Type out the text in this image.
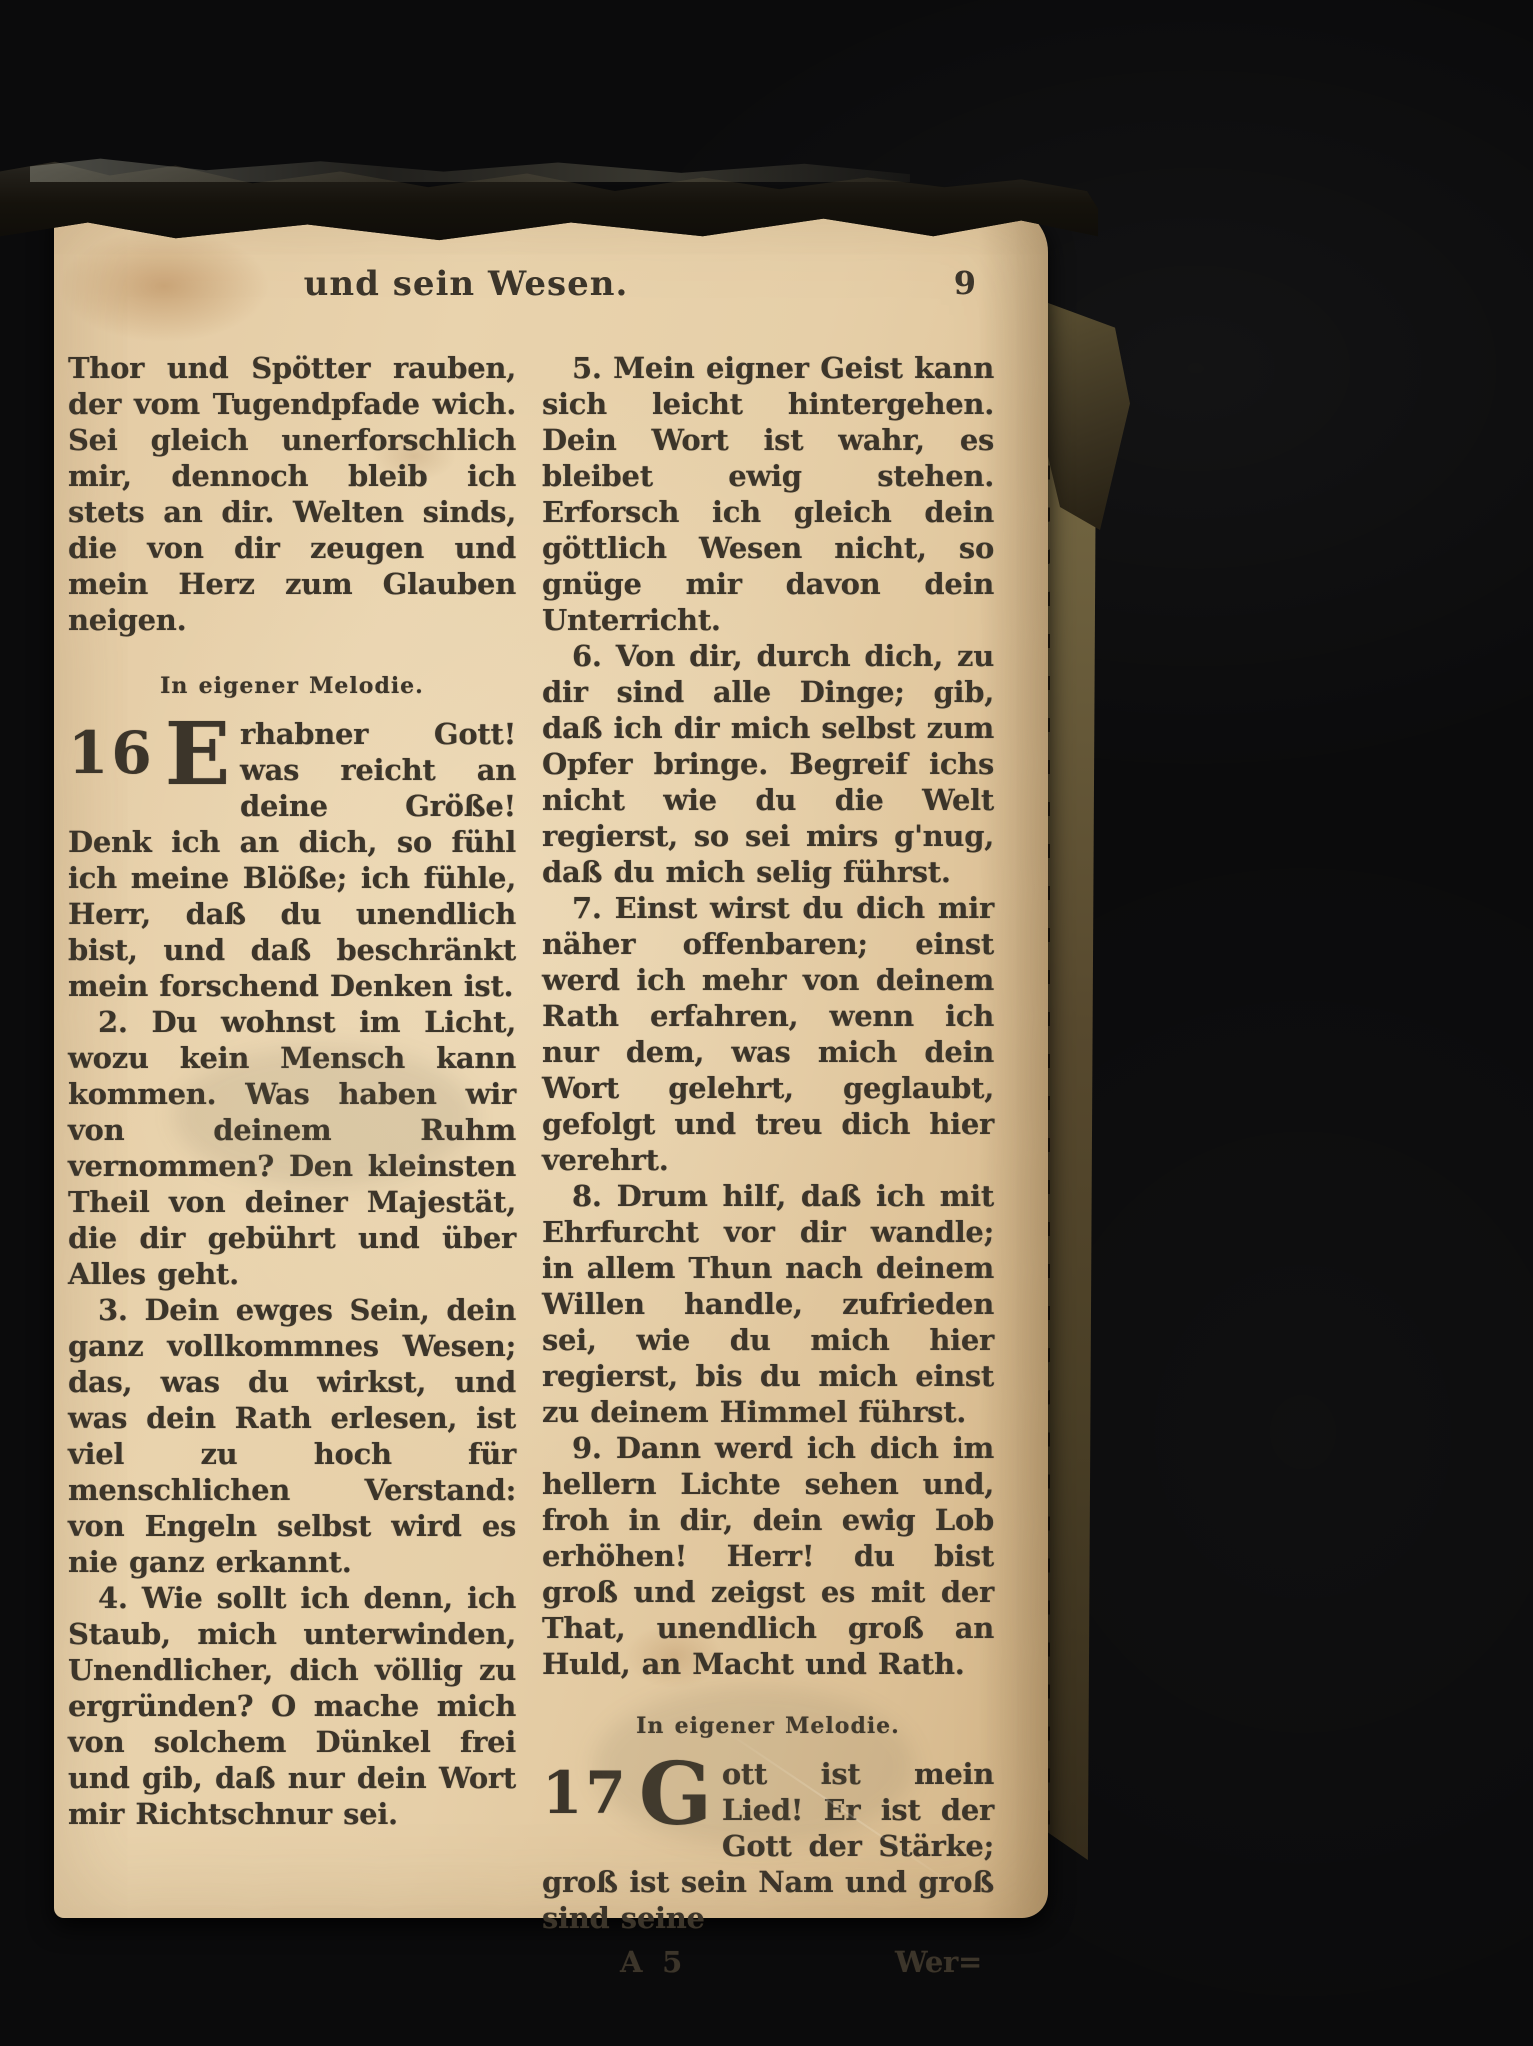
und sein Wesen.	9

Thor und Spötter rauben, der vom Tugendpfade wich. Sei gleich unerforschlich mir, dennoch bleib ich stets an dir. Welten sinds, die von dir zeugen und mein Herz zum Glauben neigen.

In eigener Melodie.
16 E rhabner Gott! was reicht an deine Größe! Denk ich an dich, so fühl ich meine Blöße; ich fühle, Herr, daß du unendlich bist, und daß beschränkt mein forschend Denken ist.

2. Du wohnst im Licht, wozu kein Mensch kann kommen. Was haben wir von deinem Ruhm vernommen? Den kleinsten Theil von deiner Majestät, die dir gebührt und über Alles geht.

3. Dein ewges Sein, dein ganz vollkommnes Wesen; das, was du wirkst, und was dein Rath erlesen, ist viel zu hoch für menschlichen Verstand: von Engeln selbst wird es nie ganz erkannt.

4. Wie sollt ich denn, ich Staub, mich unterwinden, Unendlicher, dich völlig zu ergründen? O mache mich von solchem Dünkel frei und gib, daß nur dein Wort mir Richtschnur sei.

5. Mein eigner Geist kann sich leicht hintergehen. Dein Wort ist wahr, es bleibet ewig stehen. Erforsch ich gleich dein göttlich Wesen nicht, so gnüge mir davon dein Unterricht.

6. Von dir, durch dich, zu dir sind alle Dinge; gib, daß ich dir mich selbst zum Opfer bringe. Begreif ichs nicht wie du die Welt regierst, so sei mirs g'nug, daß du mich selig führst.

7. Einst wirst du dich mir näher offenbaren; einst werd ich mehr von deinem Rath erfahren, wenn ich nur dem, was mich dein Wort gelehrt, geglaubt, gefolgt und treu dich hier verehrt.

8. Drum hilf, daß ich mit Ehrfurcht vor dir wandle; in allem Thun nach deinem Willen handle, zufrieden sei, wie du mich hier regierst, bis du mich einst zu deinem Himmel führst.

9. Dann werd ich dich im hellern Lichte sehen und, froh in dir, dein ewig Lob erhöhen! Herr! du bist groß und zeigst es mit der That, unendlich groß an Huld, an Macht und Rath.

In eigener Melodie.
17 G ott ist mein Lied! Er ist der Gott der Stärke; groß ist sein Nam und groß sind seine
A 5	Wer=
